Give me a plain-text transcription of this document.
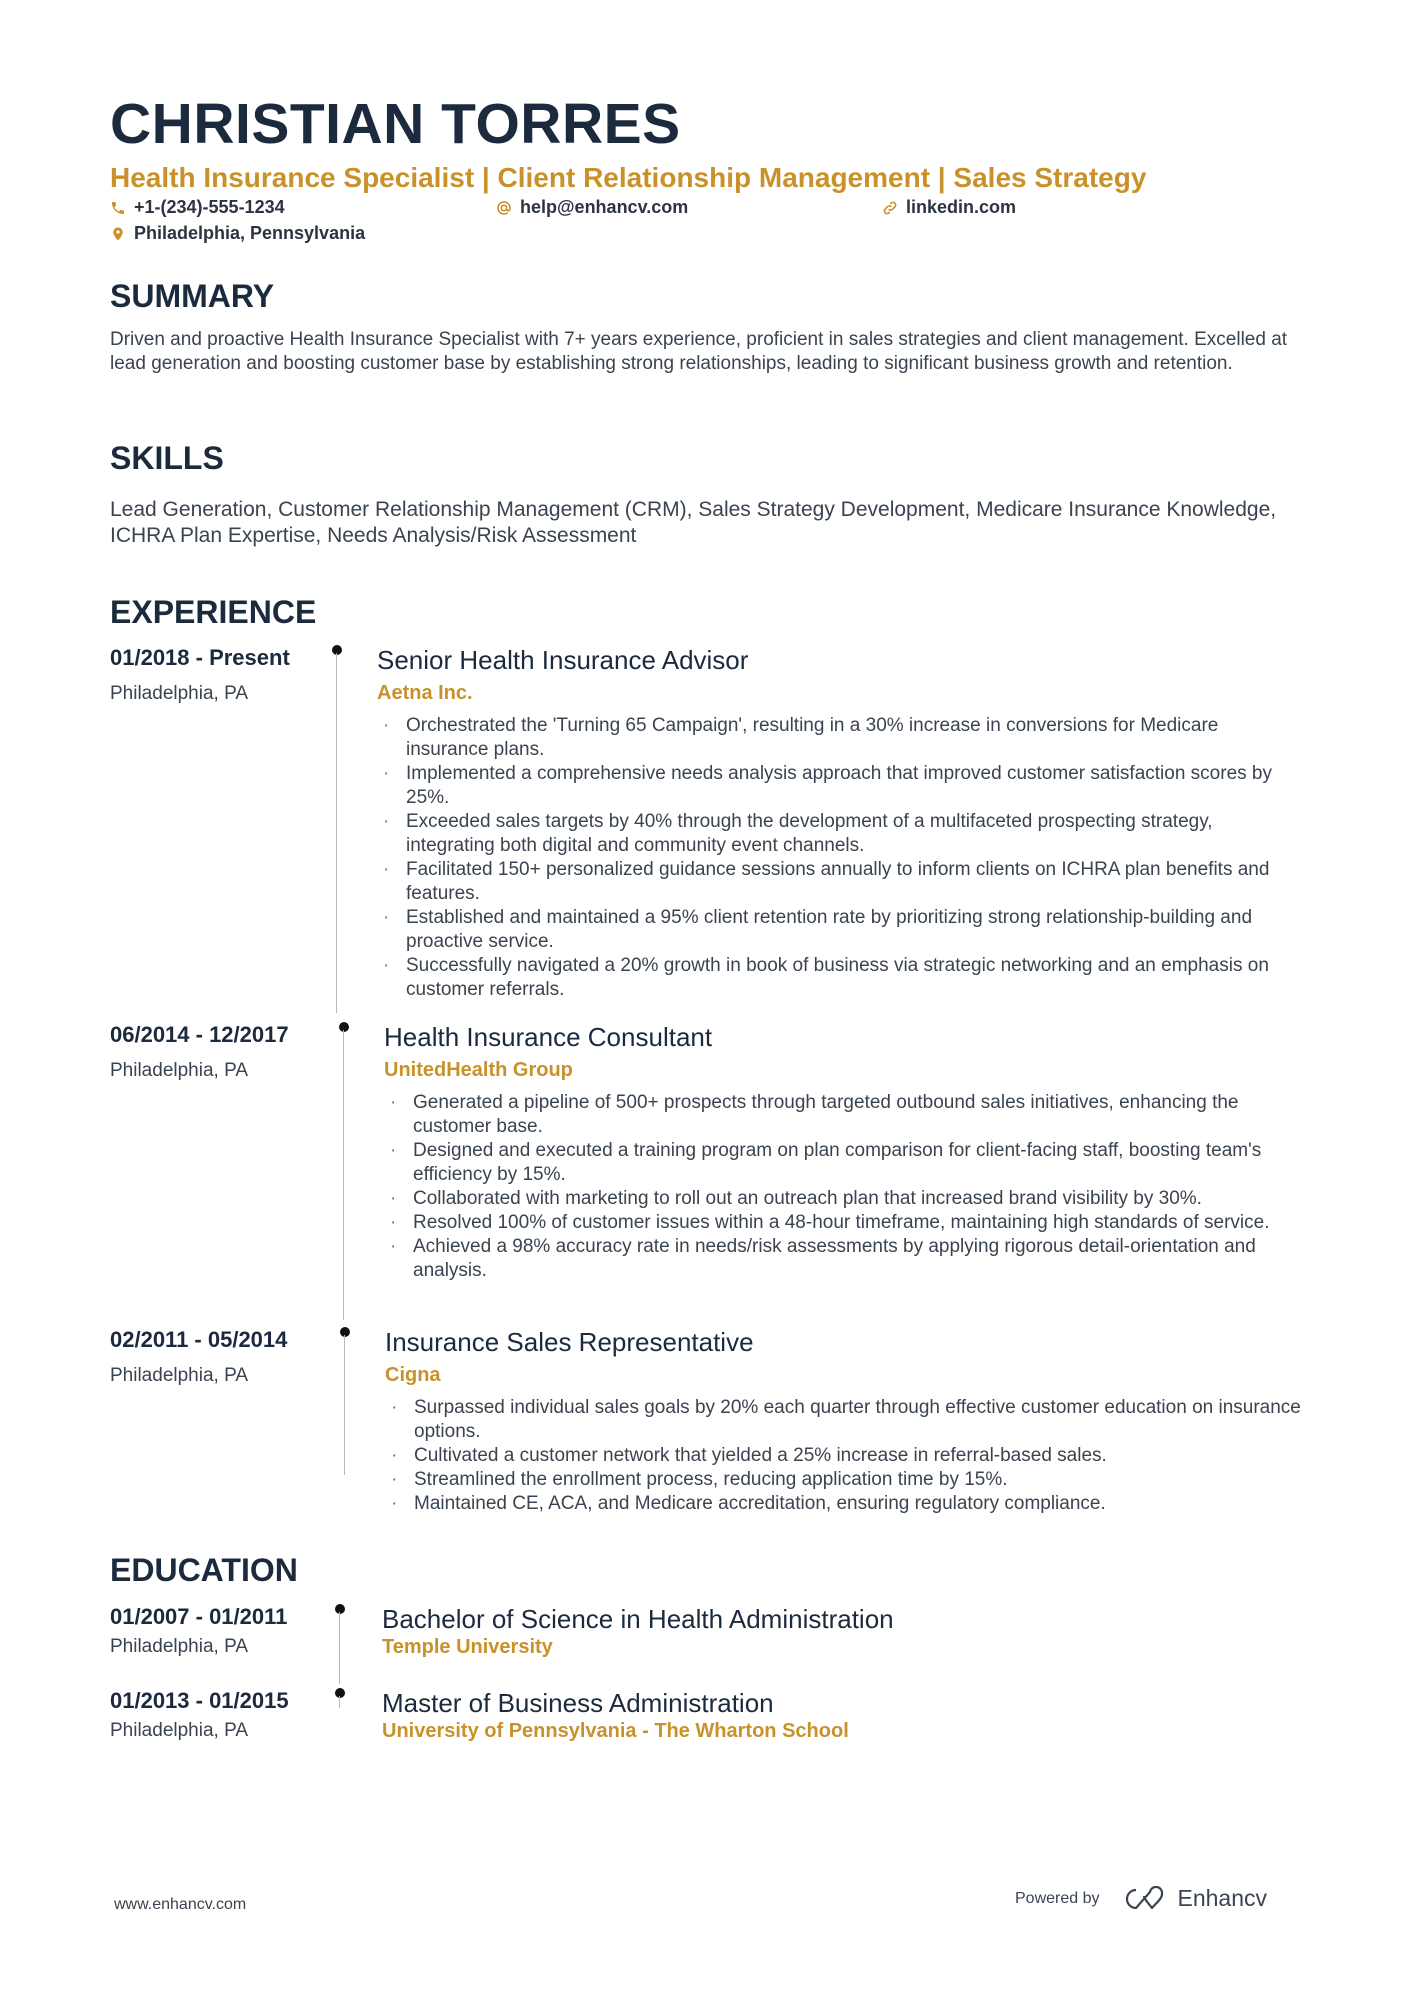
CHRISTIAN TORRES
Health Insurance Specialist | Client Relationship Management | Sales Strategy
+1-(234)-555-1234	help@enhancv.com	linkedin.com
Philadelphia, Pennsylvania
SUMMARY
Driven and proactive Health Insurance Specialist with 7+ years experience, proficient in sales strategies and client management. Excelled at lead generation and boosting customer base by establishing strong relationships, leading to significant business growth and retention.
SKILLS
Lead Generation, Customer Relationship Management (CRM), Sales Strategy Development, Medicare Insurance Knowledge, ICHRA Plan Expertise, Needs Analysis/Risk Assessment
EXPERIENCE
01/2018 - Present
Philadelphia, PA
Senior Health Insurance Advisor
Aetna Inc.
· Orchestrated the 'Turning 65 Campaign', resulting in a 30% increase in conversions for Medicare insurance plans.
· Implemented a comprehensive needs analysis approach that improved customer satisfaction scores by 25%.
· Exceeded sales targets by 40% through the development of a multifaceted prospecting strategy, integrating both digital and community event channels.
· Facilitated 150+ personalized guidance sessions annually to inform clients on ICHRA plan benefits and features.
· Established and maintained a 95% client retention rate by prioritizing strong relationship-building and proactive service.
· Successfully navigated a 20% growth in book of business via strategic networking and an emphasis on customer referrals.
06/2014 - 12/2017
Philadelphia, PA
Health Insurance Consultant
UnitedHealth Group
· Generated a pipeline of 500+ prospects through targeted outbound sales initiatives, enhancing the customer base.
· Designed and executed a training program on plan comparison for client-facing staff, boosting team's efficiency by 15%.
· Collaborated with marketing to roll out an outreach plan that increased brand visibility by 30%.
· Resolved 100% of customer issues within a 48-hour timeframe, maintaining high standards of service.
· Achieved a 98% accuracy rate in needs/risk assessments by applying rigorous detail-orientation and analysis.
02/2011 - 05/2014
Philadelphia, PA
Insurance Sales Representative
Cigna
· Surpassed individual sales goals by 20% each quarter through effective customer education on insurance options.
· Cultivated a customer network that yielded a 25% increase in referral-based sales.
· Streamlined the enrollment process, reducing application time by 15%.
· Maintained CE, ACA, and Medicare accreditation, ensuring regulatory compliance.
EDUCATION
01/2007 - 01/2011
Philadelphia, PA
Bachelor of Science in Health Administration
Temple University
01/2013 - 01/2015
Philadelphia, PA
Master of Business Administration
University of Pennsylvania - The Wharton School
www.enhancv.com	Powered by	Enhancv
